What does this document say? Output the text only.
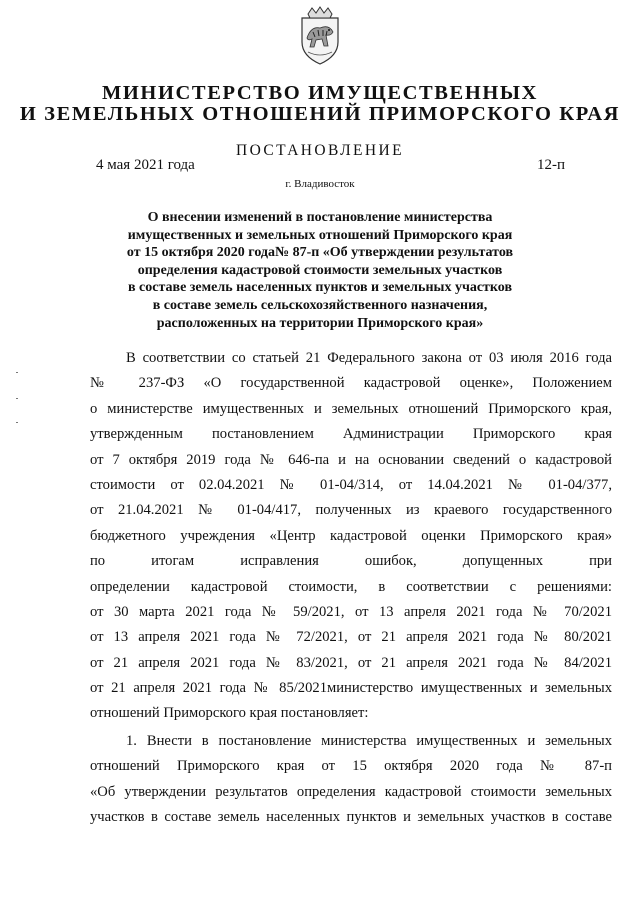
МИНИСТЕРСТВО ИМУЩЕСТВЕННЫХ
И ЗЕМЕЛЬНЫХ ОТНОШЕНИЙ ПРИМОРСКОГО КРАЯ
ПОСТАНОВЛЕНИЕ
4 мая 2021 года	12-п
г. Владивосток
О внесении изменений в постановление министерства
имущественных и земельных отношений Приморского края
от 15 октября 2020 года№ 87-п «Об утверждении результатов
определения кадастровой стоимости земельных участков
в составе земель населенных пунктов и земельных участков
в составе земель сельскохозяйственного назначения,
расположенных на территории Приморского края»
В соответствии со статьей 21 Федерального закона от 03 июля 2016 года
№ 237-ФЗ «О государственной кадастровой оценке», Положением
о министерстве имущественных и земельных отношений Приморского края,
утвержденным постановлением Администрации Приморского края
от 7 октября 2019 года № 646-па и на основании сведений о кадастровой
стоимости от 02.04.2021 № 01-04/314, от 14.04.2021 № 01-04/377,
от 21.04.2021 № 01-04/417, полученных из краевого государственного
бюджетного учреждения «Центр кадастровой оценки Приморского края»
по итогам исправления ошибок, допущенных при
определении кадастровой стоимости, в соответствии с решениями:
от 30 марта 2021 года № 59/2021, от 13 апреля 2021 года № 70/2021
от 13 апреля 2021 года № 72/2021, от 21 апреля 2021 года № 80/2021
от 21 апреля 2021 года № 83/2021, от 21 апреля 2021 года № 84/2021
от 21 апреля 2021 года № 85/2021министерство имущественных и земельных
отношений Приморского края постановляет:
1. Внести в постановление министерства имущественных и земельных
отношений Приморского края от 15 октября 2020 года № 87-п
«Об утверждении результатов определения кадастровой стоимости земельных
участков в составе земель населенных пунктов и земельных участков в составе
